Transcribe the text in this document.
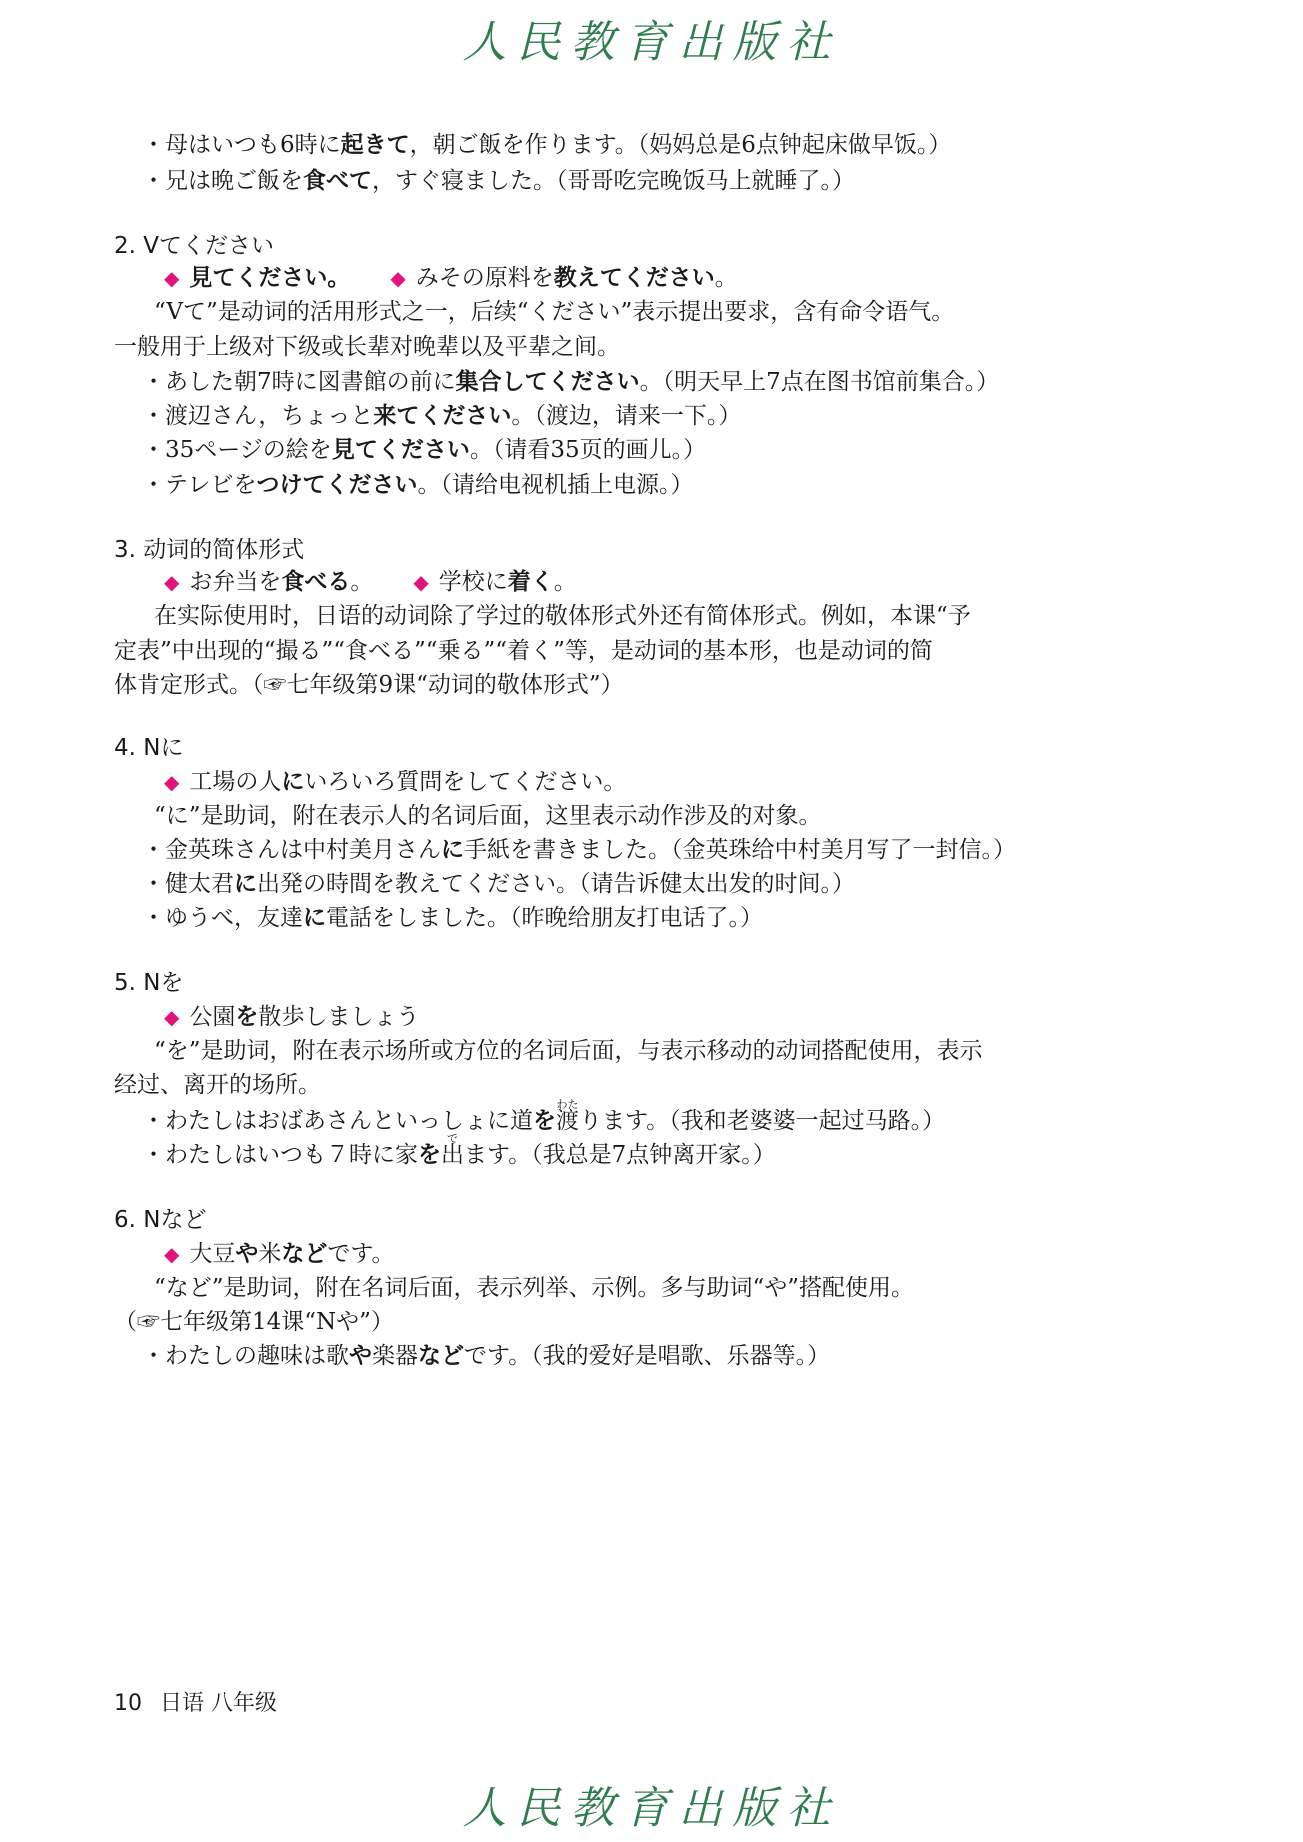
人民教育出版社
・母はいつも6時に起きて，朝ご飯を作ります。（妈妈总是6点钟起床做早饭。）
・兄は晩ご飯を食べて，すぐ寝ました。（哥哥吃完晚饭马上就睡了。）
2. Vてください
◆ 見てください。 ◆ みその原料を教えてください。
“Vて”是动词的活用形式之一，后续“ください”表示提出要求，含有命令语气。
一般用于上级对下级或长辈对晚辈以及平辈之间。
・あした朝7時に図書館の前に集合してください。（明天早上7点在图书馆前集合。）
・渡辺さん，ちょっと来てください。（渡边，请来一下。）
・35ページの絵を見てください。（请看35页的画儿。）
・テレビをつけてください。（请给电视机插上电源。）
3. 动词的简体形式
◆ お弁当を食べる。 ◆ 学校に着く。
在实际使用时，日语的动词除了学过的敬体形式外还有简体形式。例如，本课“予
定表”中出现的“撮る”“食べる”“乗る”“着く”等，是动词的基本形，也是动词的简
体肯定形式。（☞七年级第9课“动词的敬体形式”）
4. Nに
◆ 工場の人にいろいろ質問をしてください。
“に”是助词，附在表示人的名词后面，这里表示动作涉及的对象。
・金英珠さんは中村美月さんに手紙を書きました。（金英珠给中村美月写了一封信。）
・健太君に出発の時間を教えてください。（请告诉健太出发的时间。）
・ゆうべ，友達に電話をしました。（昨晚给朋友打电话了。）
5. Nを
◆ 公園を散歩しましょう
“を”是助词，附在表示场所或方位的名词后面，与表示移动的动词搭配使用，表示
经过、离开的场所。
・わたしはおばあさんといっしょに道を渡
わた
ります。（我和老婆婆一起过马路。）
・わたしはいつも７時に家を出
で
ます。（我总是7点钟离开家。）
6. Nなど
◆ 大豆や米などです。
“など”是助词，附在名词后面，表示列举、示例。多与助词“や”搭配使用。
（☞七年级第14课“Nや”）
・わたしの趣味は歌や楽器などです。（我的爱好是唱歌、乐器等。）
10 日语 八年级
人民教育出版社
